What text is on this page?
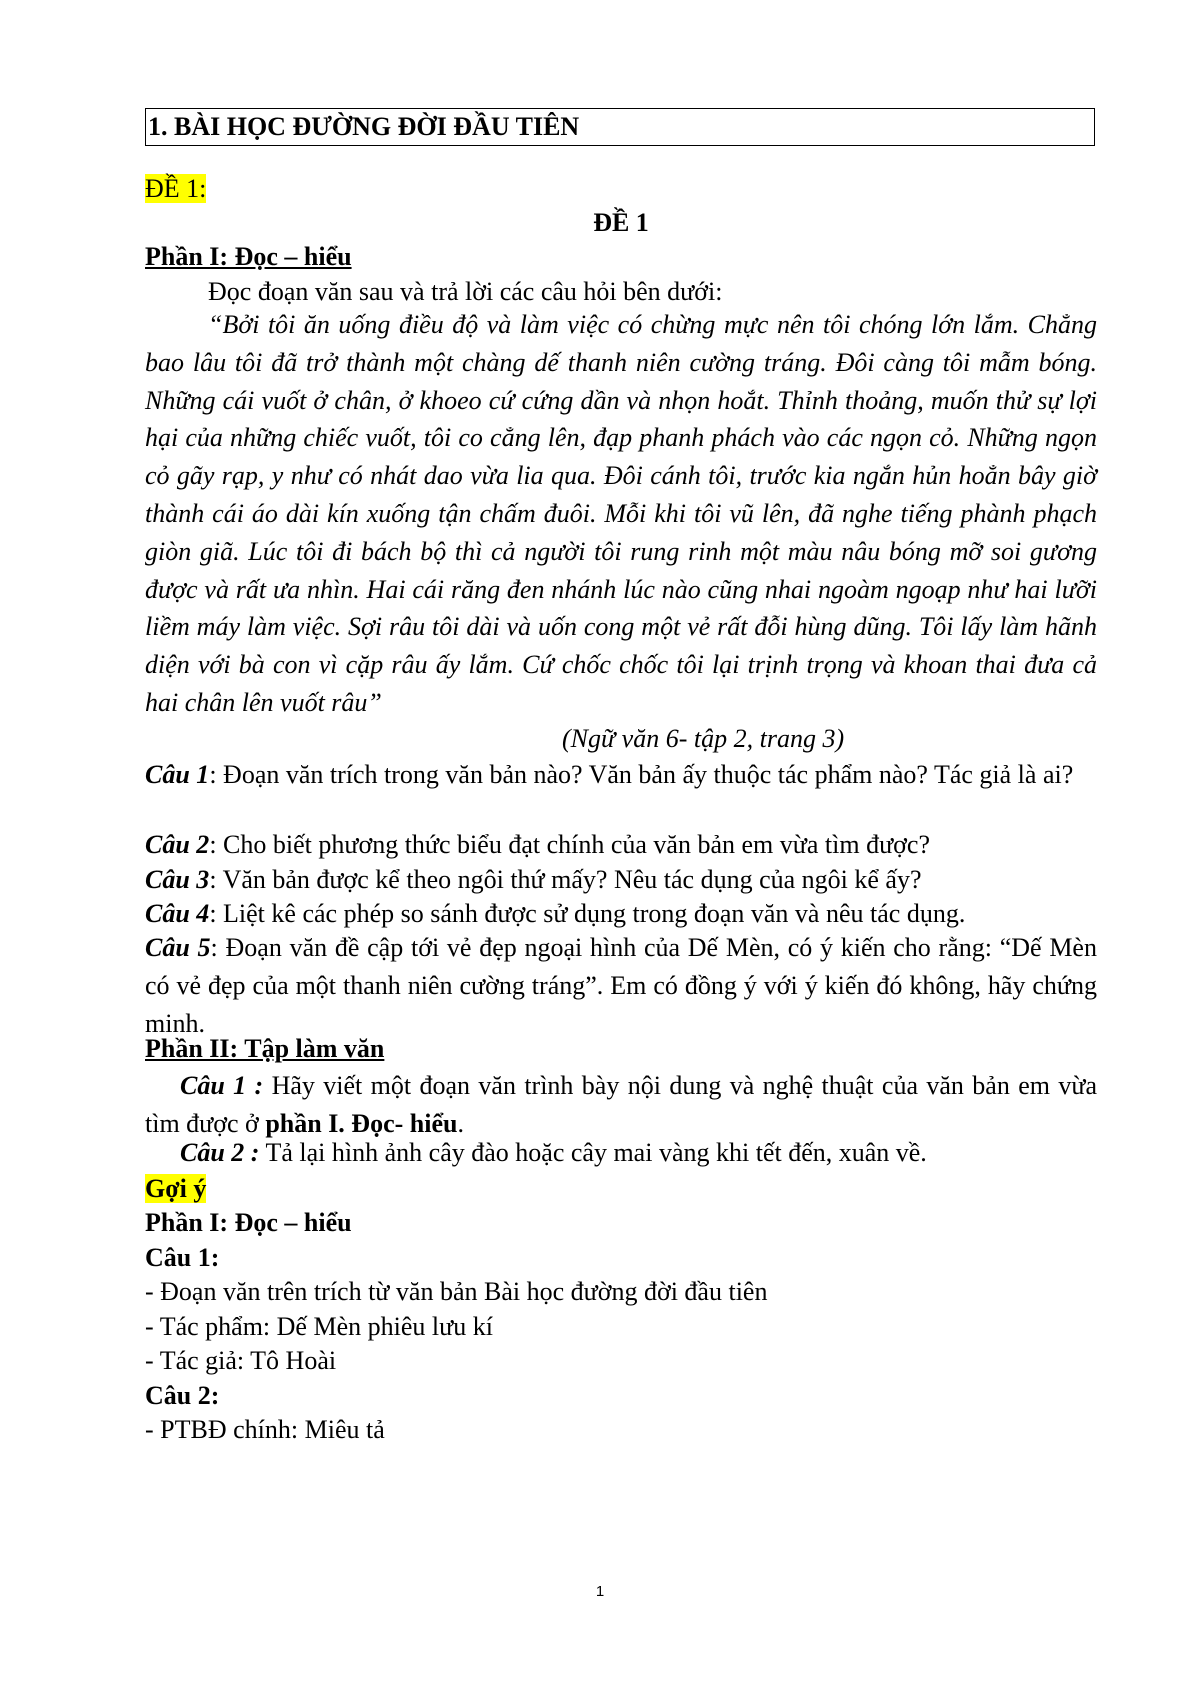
1. BÀI HỌC ĐƯỜNG ĐỜI ĐẦU TIÊN
ĐỀ 1:
ĐỀ 1
Phần I: Đọc – hiểu
Đọc đoạn văn sau và trả lời các câu hỏi bên dưới:
“Bởi tôi ăn uống điều độ và làm việc có chừng mực nên tôi chóng lớn lắm. Chẳng bao lâu tôi đã trở thành một chàng dế thanh niên cường tráng. Đôi càng tôi mẫm bóng. Những cái vuốt ở chân, ở khoeo cứ cứng dần và nhọn hoắt. Thỉnh thoảng, muốn thử sự lợi hại của những chiếc vuốt, tôi co cẳng lên, đạp phanh phách vào các ngọn cỏ. Những ngọn cỏ gãy rạp, y như có nhát dao vừa lia qua. Đôi cánh tôi, trước kia ngắn hủn hoẳn bây giờ thành cái áo dài kín xuống tận chấm đuôi. Mỗi khi tôi vũ lên, đã nghe tiếng phành phạch giòn giã. Lúc tôi đi bách bộ thì cả người tôi rung rinh một màu nâu bóng mỡ soi gương được và rất ưa nhìn. Hai cái răng đen nhánh lúc nào cũng nhai ngoàm ngoạp như hai lưỡi liềm máy làm việc. Sợi râu tôi dài và uốn cong một vẻ rất đỗi hùng dũng. Tôi lấy làm hãnh diện với bà con vì cặp râu ấy lắm. Cứ chốc chốc tôi lại trịnh trọng và khoan thai đưa cả hai chân lên vuốt râu”
(Ngữ văn 6- tập 2, trang 3)
Câu 1: Đoạn văn trích trong văn bản nào? Văn bản ấy thuộc tác phẩm nào? Tác giả là ai?
Câu 2: Cho biết phương thức biểu đạt chính của văn bản em vừa tìm được?
Câu 3: Văn bản được kể theo ngôi thứ mấy? Nêu tác dụng của ngôi kể ấy?
Câu 4: Liệt kê các phép so sánh được sử dụng trong đoạn văn và nêu tác dụng.
Câu 5: Đoạn văn đề cập tới vẻ đẹp ngoại hình của Dế Mèn, có ý kiến cho rằng: “Dế Mèn có vẻ đẹp của một thanh niên cường tráng”. Em có đồng ý với ý kiến đó không, hãy chứng minh.
Phần II: Tập làm văn
Câu 1 : Hãy viết một đoạn văn trình bày nội dung và nghệ thuật của văn bản em vừa tìm được ở phần I. Đọc- hiểu.
Câu 2 : Tả lại hình ảnh cây đào hoặc cây mai vàng khi tết đến, xuân về.
Gợi ý
Phần I: Đọc – hiểu
Câu 1:
- Đoạn văn trên trích từ văn bản Bài học đường đời đầu tiên
- Tác phẩm: Dế Mèn phiêu lưu kí
- Tác giả: Tô Hoài
Câu 2:
- PTBĐ chính: Miêu tả
1
